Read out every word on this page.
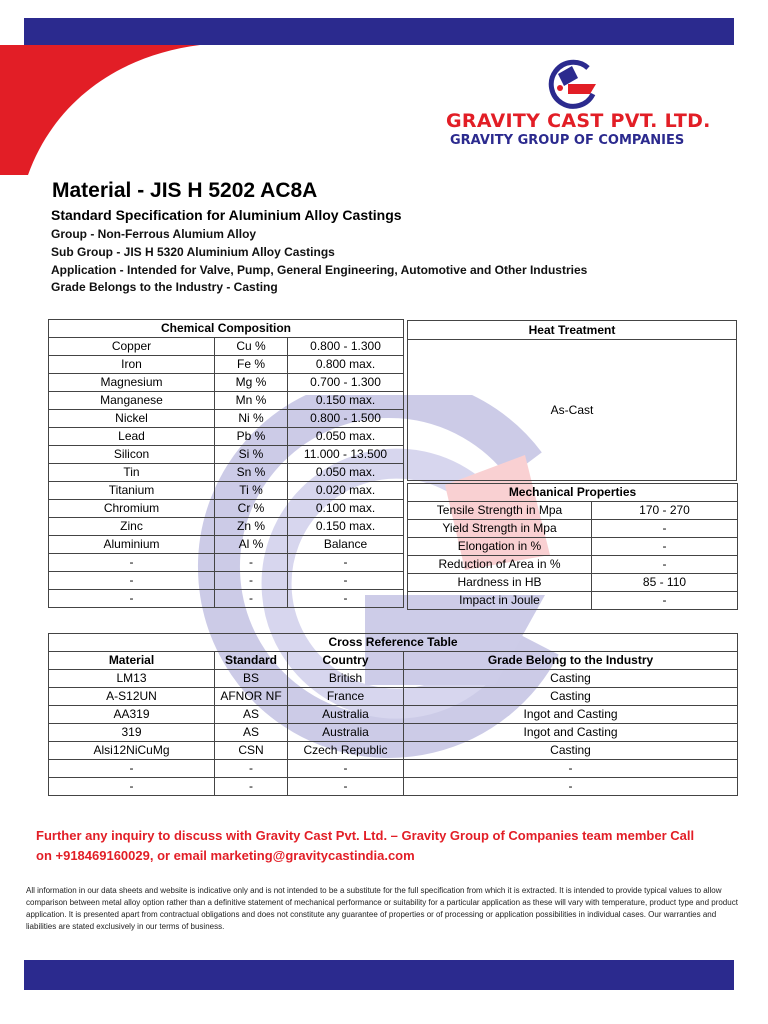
GRAVITY CAST PVT. LTD.
GRAVITY GROUP OF COMPANIES
Material - JIS H 5202 AC8A
Standard Specification for Aluminium Alloy Castings
Group - Non-Ferrous Alumium Alloy
Sub Group - JIS H 5320 Aluminium Alloy Castings
Application - Intended for Valve, Pump, General Engineering, Automotive and Other Industries
Grade Belongs to the Industry - Casting
Chemical Composition		
Copper	Cu %	0.800 - 1.300
Iron	Fe %	0.800 max.
Magnesium	Mg %	0.700 - 1.300
Manganese	Mn %	0.150 max.
Nickel	Ni %	0.800 - 1.500
Lead	Pb %	0.050 max.
Silicon	Si %	11.000 - 13.500
Tin	Sn %	0.050 max.
Titanium	Ti %	0.020 max.
Chromium	Cr %	0.100 max.
Zinc	Zn %	0.150 max.
Aluminium	Al %	Balance
-	-	-
-	-	-
-	-	-
Heat Treatment
As-Cast
Mechanical Properties	
Tensile Strength in Mpa	170 - 270
Yield Strength in Mpa	-
Elongation in %	-
Reduction of Area in %	-
Hardness in HB	85 - 110
Impact in Joule	-
Cross Reference Table			
Material	Standard	Country	Grade Belong to the Industry
LM13	BS	British	Casting
A-S12UN	AFNOR NF	France	Casting
AA319	AS	Australia	Ingot and Casting
319	AS	Australia	Ingot and Casting
Alsi12NiCuMg	CSN	Czech Republic	Casting
-	-	-	-
-	-	-	-
Further any inquiry to discuss with Gravity Cast Pvt. Ltd. – Gravity Group of Companies team member Call
on +918469160029, or email marketing@gravitycastindia.com
All information in our data sheets and website is indicative only and is not intended to be a substitute for the full specification from which it is extracted. It is intended to provide typical values to allow comparison between metal alloy option rather than a definitive statement of mechanical performance or suitability for a particular application as these will vary with temperature, product type and product application. It is presented apart from contractual obligations and does not constitute any guarantee of properties or of processing or application possibilities in individual cases. Our warranties and liabilities are stated exclusively in our terms of business.
